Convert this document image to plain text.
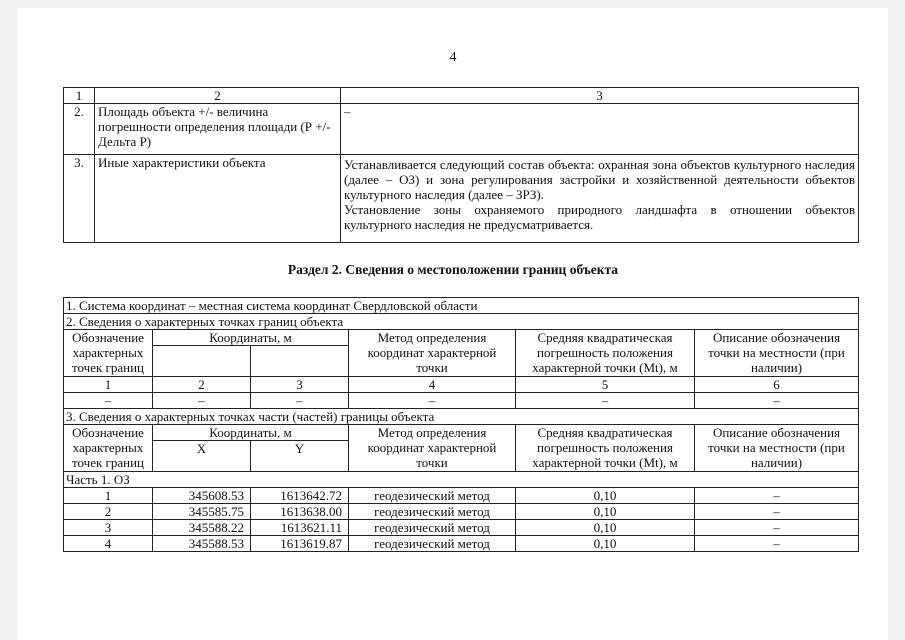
4
1	2	3
2.	Площадь объекта +/- величина погрешности определения площади (Р +/- Дельта Р)	–
3.	Иные характеристики объекта	Устанавливается следующий состав объекта: охранная зона объектов культурного наследия (далее – ОЗ) и зона регулирования застройки и хозяйственной деятельности объектов культурного наследия (далее – ЗРЗ).
Установление зоны охраняемого природного ландшафта в отношении объектов культурного наследия не предусматривается.
Раздел 2. Сведения о местоположении границ объекта
1. Система координат – местная система координат Свердловской области					
2. Сведения о характерных точках границ объекта					
Обозначение характерных точек границ	Координаты, м		Метод определения координат характерной точки	Средняя квадратическая погрешность положения характерной точки (Mt), м	Описание обозначения точки на местности (при наличии)

1	2	3	4	5	6
–	–	–	–	–	–
3. Сведения о характерных точках части (частей) границы объекта					
Обозначение характерных точек границ	Координаты, м		Метод определения координат характерной точки	Средняя квадратическая погрешность положения характерной точки (Mt), м	Описание обозначения точки на местности (при наличии)
	X	Y			
Часть 1. ОЗ					
1	345608.53	1613642.72	геодезический метод	0,10	–
2	345585.75	1613638.00	геодезический метод	0,10	–
3	345588.22	1613621.11	геодезический метод	0,10	–
4	345588.53	1613619.87	геодезический метод	0,10	–
